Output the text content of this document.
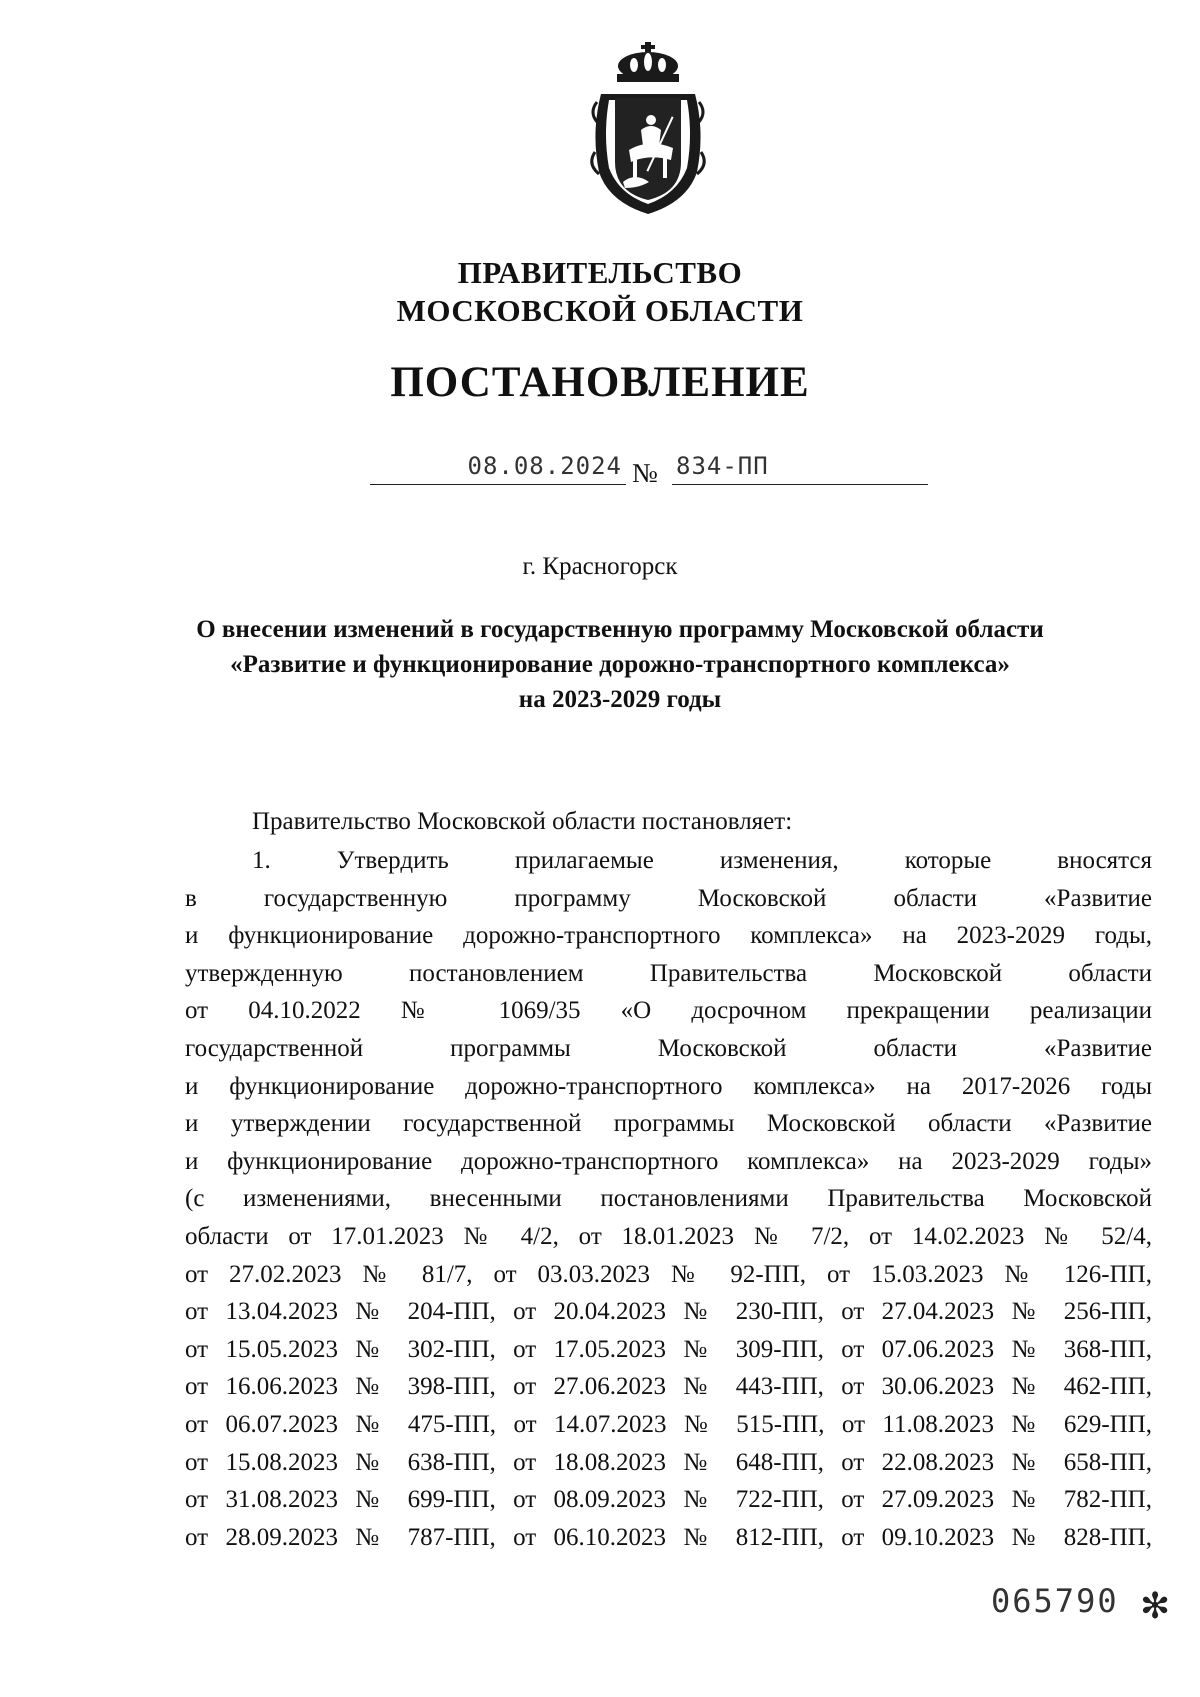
ПРАВИТЕЛЬСТВО
МОСКОВСКОЙ ОБЛАСТИ
ПОСТАНОВЛЕНИЕ
08.08.2024 № 834-ПП
г. Красногорск
О внесении изменений в государственную программу Московской области
«Развитие и функционирование дорожно-транспортного комплекса»
на 2023-2029 годы
Правительство Московской области постановляет:
1. Утвердить прилагаемые изменения, которые вносятся
в государственную программу Московской области «Развитие
и функционирование дорожно-транспортного комплекса» на 2023-2029 годы,
утвержденную постановлением Правительства Московской области
от 04.10.2022 № 1069/35 «О досрочном прекращении реализации
государственной программы Московской области «Развитие
и функционирование дорожно-транспортного комплекса» на 2017-2026 годы
и утверждении государственной программы Московской области «Развитие
и функционирование дорожно-транспортного комплекса» на 2023-2029 годы»
(с изменениями, внесенными постановлениями Правительства Московской
области от 17.01.2023 № 4/2, от 18.01.2023 № 7/2, от 14.02.2023 № 52/4,
от 27.02.2023 № 81/7, от 03.03.2023 № 92-ПП, от 15.03.2023 № 126-ПП,
от 13.04.2023 № 204-ПП, от 20.04.2023 № 230-ПП, от 27.04.2023 № 256-ПП,
от 15.05.2023 № 302-ПП, от 17.05.2023 № 309-ПП, от 07.06.2023 № 368-ПП,
от 16.06.2023 № 398-ПП, от 27.06.2023 № 443-ПП, от 30.06.2023 № 462-ПП,
от 06.07.2023 № 475-ПП, от 14.07.2023 № 515-ПП, от 11.08.2023 № 629-ПП,
от 15.08.2023 № 638-ПП, от 18.08.2023 № 648-ПП, от 22.08.2023 № 658-ПП,
от 31.08.2023 № 699-ПП, от 08.09.2023 № 722-ПП, от 27.09.2023 № 782-ПП,
от 28.09.2023 № 787-ПП, от 06.10.2023 № 812-ПП, от 09.10.2023 № 828-ПП,
065790 ✻
